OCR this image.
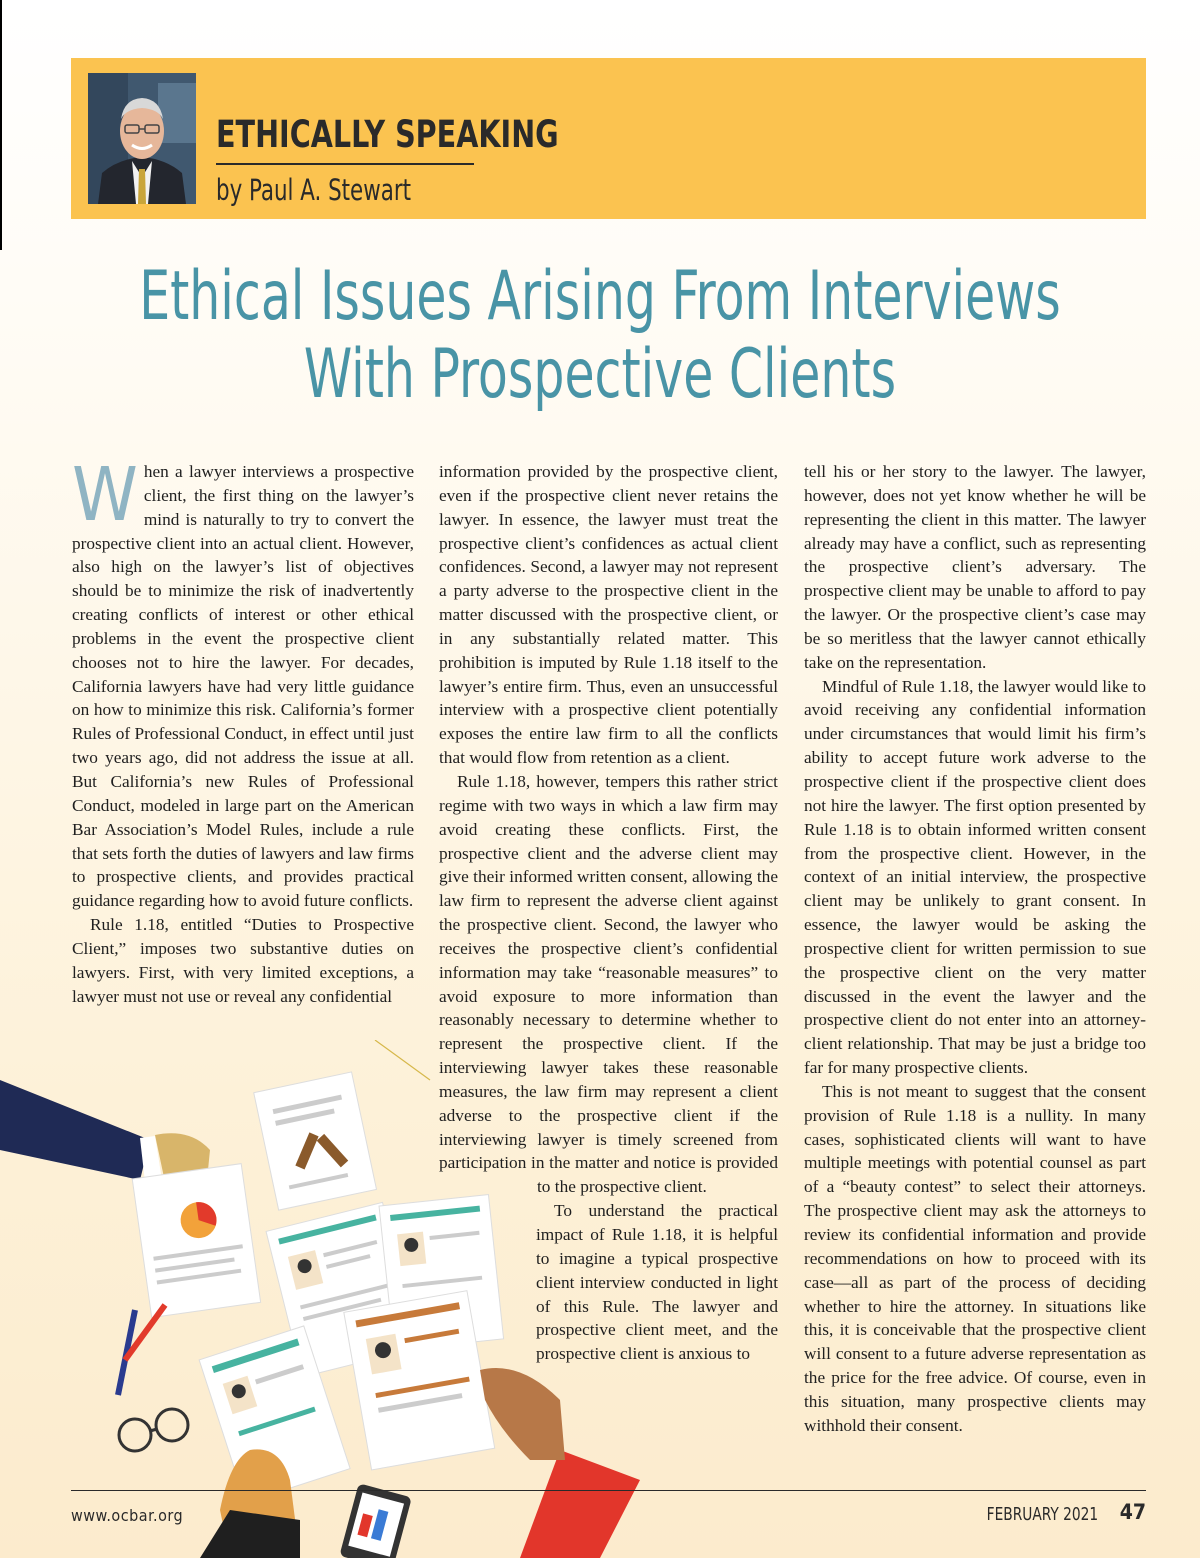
ETHICALLY SPEAKING
by Paul A. Stewart
Ethical Issues Arising From Interviews
With Prospective Clients

When a lawyer interviews a prospective client, the first thing on the lawyer’s mind is naturally to try to convert the prospective client into an actual client. However, also high on the lawyer’s list of objectives should be to minimize the risk of inadvertently creating conflicts of interest or other ethical problems in the event the prospective client chooses not to hire the lawyer. For decades, California lawyers have had very little guidance on how to minimize this risk. California’s former Rules of Professional Conduct, in effect until just two years ago, did not address the issue at all. But California’s new Rules of Professional Conduct, modeled in large part on the American Bar Association’s Model Rules, include a rule that sets forth the duties of lawyers and law firms to prospective clients, and provides practical guidance regarding how to avoid future conflicts.

Rule 1.18, entitled “Duties to Prospective Client,” imposes two substantive duties on lawyers. First, with very limited exceptions, a lawyer must not use or reveal any confidential

information provided by the prospective client, even if the prospective client never retains the lawyer. In essence, the lawyer must treat the prospective client’s confidences as actual client confidences. Second, a lawyer may not represent a party adverse to the prospective client in the matter discussed with the prospective client, or in any substantially related matter. This prohibition is imputed by Rule 1.18 itself to the lawyer’s entire firm. Thus, even an unsuccessful interview with a prospective client potentially exposes the entire law firm to all the conflicts that would flow from retention as a client.

Rule 1.18, however, tempers this rather strict regime with two ways in which a law firm may avoid creating these conflicts. First, the prospective client and the adverse client may give their informed written consent, allowing the law firm to represent the adverse client against the prospective client. Second, the lawyer who receives the prospective client’s confidential information may take “reasonable measures” to avoid exposure to more information than reasonably necessary to determine whether to represent the prospective client. If the interviewing lawyer takes these reasonable measures, the law firm may represent a client adverse to the prospective client if the interviewing lawyer is timely screened from participation in the matter and notice is provided to the prospective client.

To understand the practical impact of Rule 1.18, it is helpful to imagine a typical prospective client interview conducted in light of this Rule. The lawyer and prospective client meet, and the prospective client is anxious to

tell his or her story to the lawyer. The lawyer, however, does not yet know whether he will be representing the client in this matter. The lawyer already may have a conflict, such as representing the prospective client’s adversary. The prospective client may be unable to afford to pay the lawyer. Or the prospective client’s case may be so meritless that the lawyer cannot ethically take on the representation.

Mindful of Rule 1.18, the lawyer would like to avoid receiving any confidential information under circumstances that would limit his firm’s ability to accept future work adverse to the prospective client if the prospective client does not hire the lawyer. The first option presented by Rule 1.18 is to obtain informed written consent from the prospective client. However, in the context of an initial interview, the prospective client may be unlikely to grant consent. In essence, the lawyer would be asking the prospective client for written permission to sue the prospective client on the very matter discussed in the event the lawyer and the prospective client do not enter into an attorney-client relationship. That may be just a bridge too far for many prospective clients.

This is not meant to suggest that the consent provision of Rule 1.18 is a nullity. In many cases, sophisticated clients will want to have multiple meetings with potential counsel as part of a “beauty contest” to select their attorneys. The prospective client may ask the attorneys to review its confidential information and provide recommendations on how to proceed with its case—all as part of the process of deciding whether to hire the attorney. In situations like this, it is conceivable that the prospective client will consent to a future adverse representation as the price for the free advice. Of course, even in this situation, many prospective clients may withhold their consent.

www.ocbar.org	FEBRUARY 2021 47
